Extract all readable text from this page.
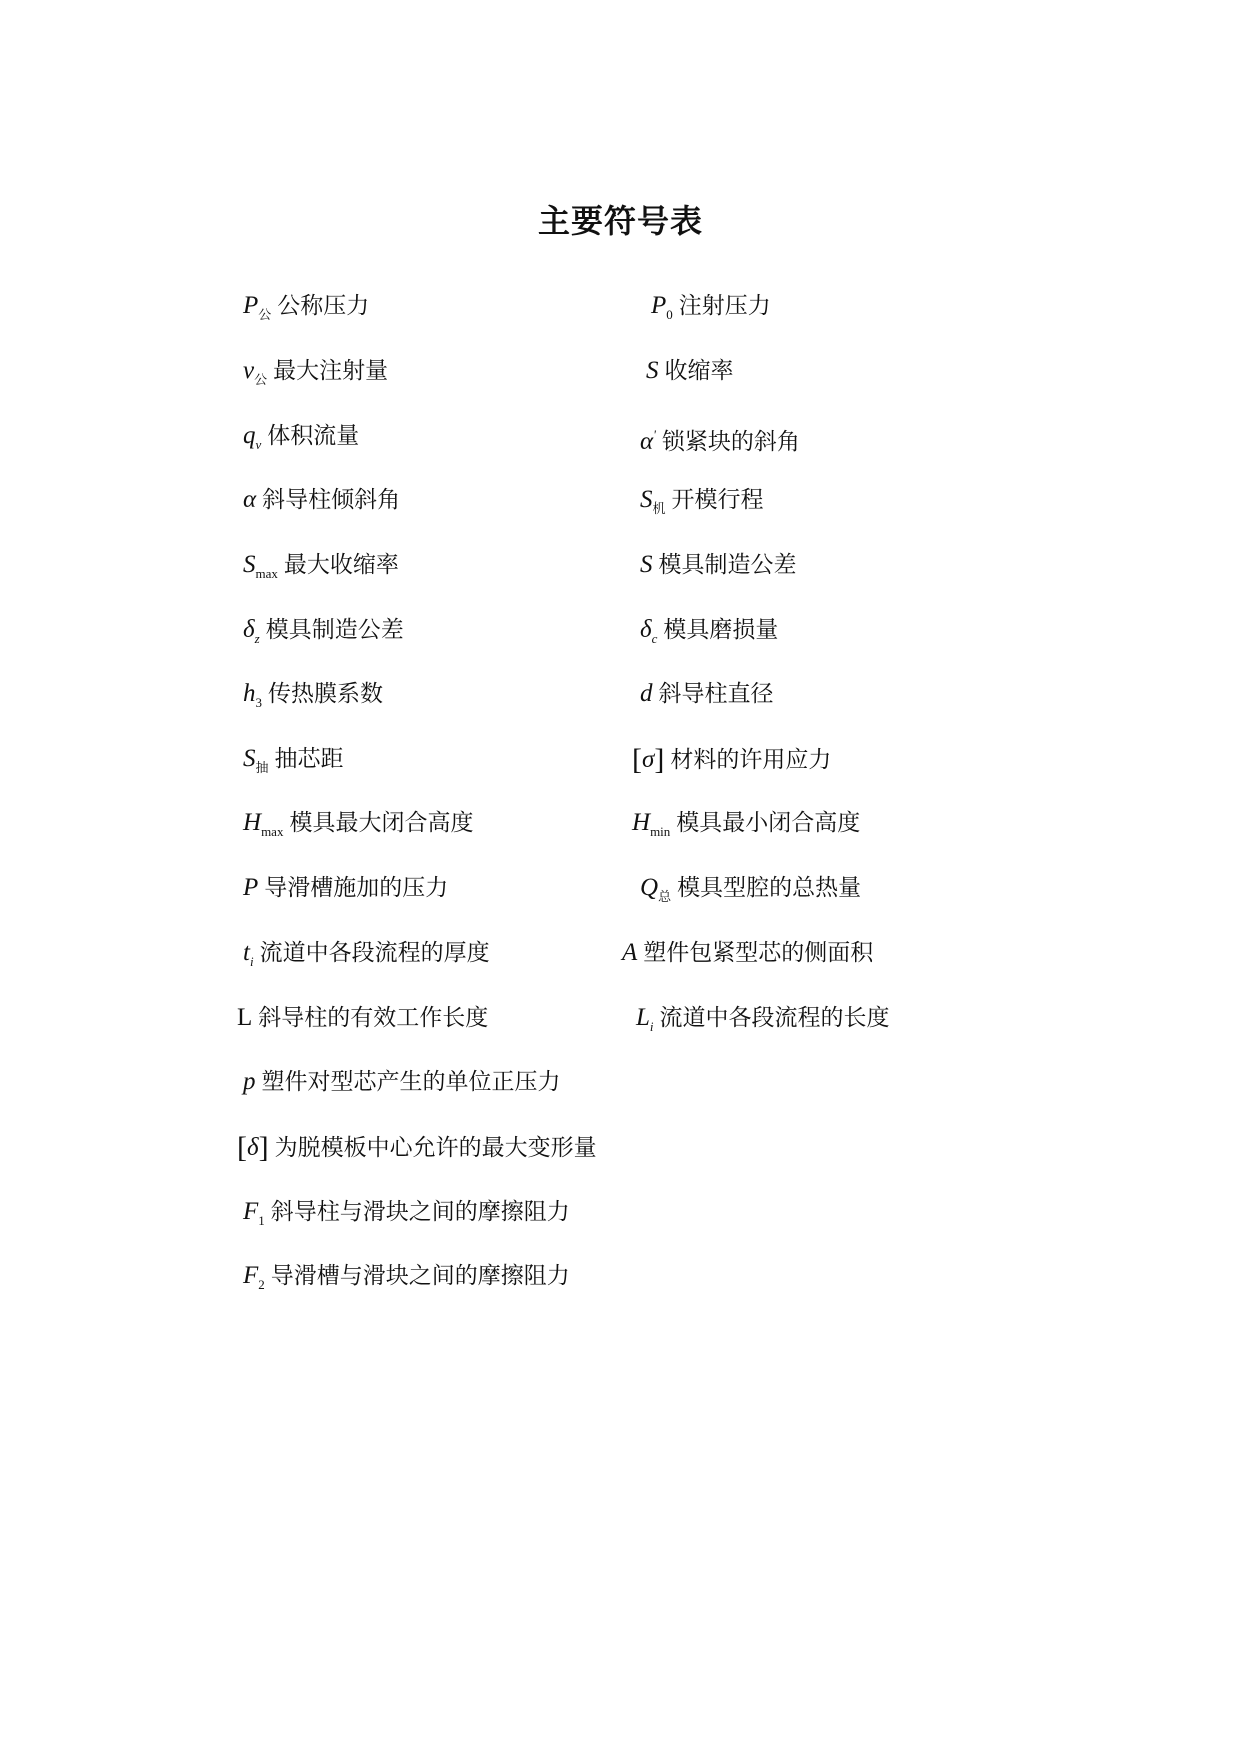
主要符号表
$P_公$ 公称压力	$P_0$ 注射压力
$v_公$ 最大注射量	S 收缩率
$q_v$ 体积流量	α' 锁紧块的斜角
α 斜导柱倾斜角	$S_机$ 开模行程
$S_{max}$ 最大收缩率	S 模具制造公差
$\delta_z$ 模具制造公差	$\delta_c$ 模具磨损量
$h_3$ 传热膜系数	d 斜导柱直径
$S_抽$ 抽芯距	[σ] 材料的许用应力
$H_{max}$ 模具最大闭合高度	$H_{min}$ 模具最小闭合高度
P 导滑槽施加的压力	$Q_总$ 模具型腔的总热量
$t_i$ 流道中各段流程的厚度	A 塑件包紧型芯的侧面积
L 斜导柱的有效工作长度	$L_i$ 流道中各段流程的长度
p 塑件对型芯产生的单位正压力
[δ] 为脱模板中心允许的最大变形量
$F_1$ 斜导柱与滑块之间的摩擦阻力
$F_2$ 导滑槽与滑块之间的摩擦阻力
